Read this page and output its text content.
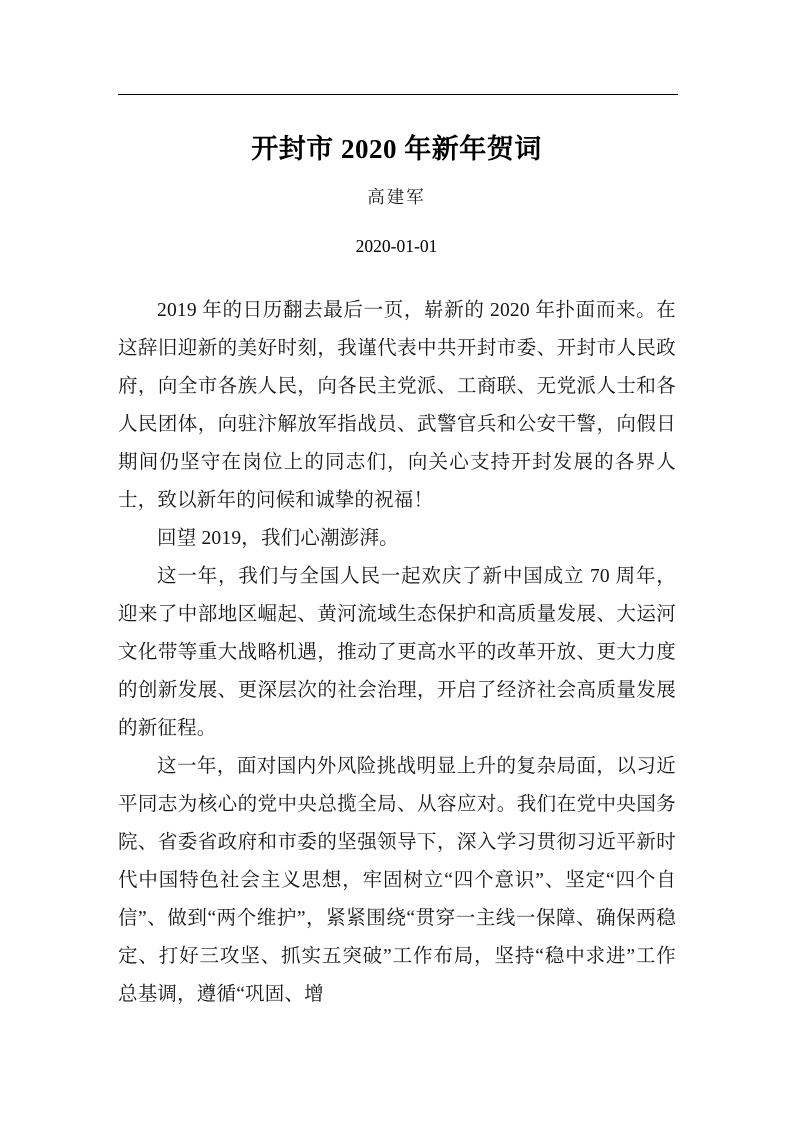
开封市 2020 年新年贺词
高建军
2020-01-01

2019 年的日历翻去最后一页，崭新的 2020 年扑面而来。在这辞旧迎新的美好时刻，我谨代表中共开封市委、开封市人民政府，向全市各族人民，向各民主党派、工商联、无党派人士和各人民团体，向驻汴解放军指战员、武警官兵和公安干警，向假日期间仍坚守在岗位上的同志们，向关心支持开封发展的各界人士，致以新年的问候和诚挚的祝福！

回望 2019，我们心潮澎湃。

这一年，我们与全国人民一起欢庆了新中国成立 70 周年，迎来了中部地区崛起、黄河流域生态保护和高质量发展、大运河文化带等重大战略机遇，推动了更高水平的改革开放、更大力度的创新发展、更深层次的社会治理，开启了经济社会高质量发展的新征程。

这一年，面对国内外风险挑战明显上升的复杂局面，以习近平同志为核心的党中央总揽全局、从容应对。我们在党中央国务院、省委省政府和市委的坚强领导下，深入学习贯彻习近平新时代中国特色社会主义思想，牢固树立“四个意识”、坚定“四个自信”、做到“两个维护”，紧紧围绕“贯穿一主线一保障、确保两稳定、打好三攻坚、抓实五突破”工作布局，坚持“稳中求进”工作总基调，遵循“巩固、增
